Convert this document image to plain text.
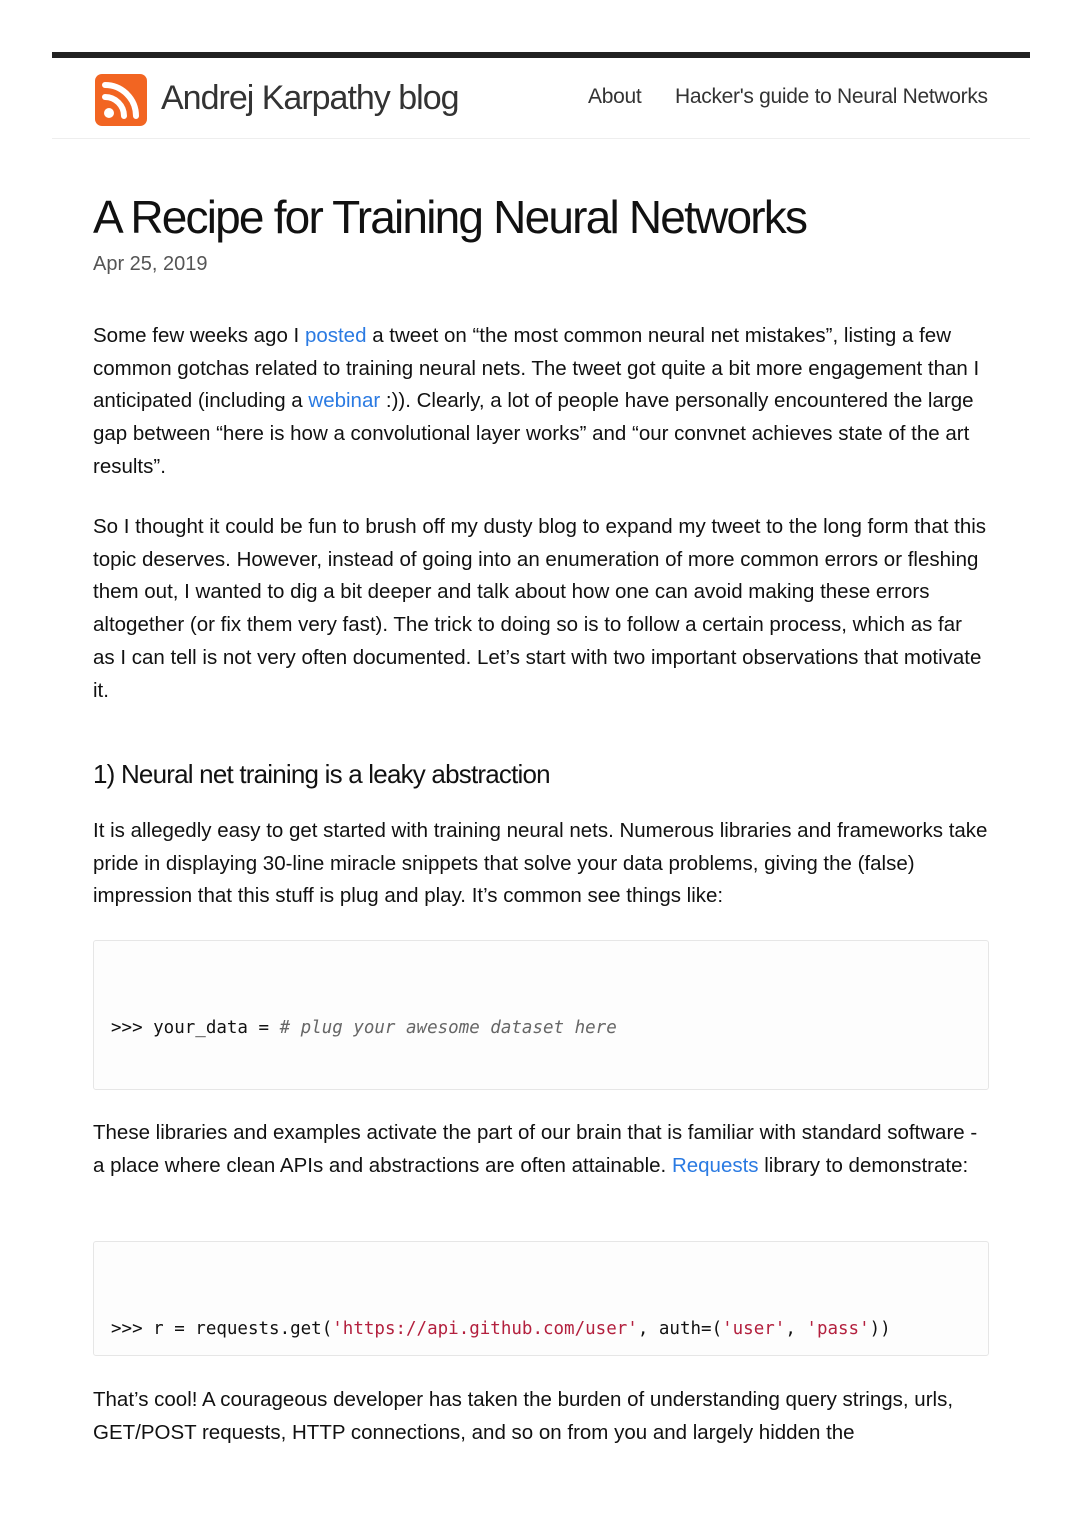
Andrej Karpathy blog	About Hacker's guide to Neural Networks
A Recipe for Training Neural Networks
Apr 25, 2019

Some few weeks ago I posted a tweet on “the most common neural net mistakes”, listing a few common gotchas related to training neural nets. The tweet got quite a bit more engagement than I anticipated (including a webinar :)). Clearly, a lot of people have personally encountered the large gap between “here is how a convolutional layer works” and “our convnet achieves state of the art results”.

So I thought it could be fun to brush off my dusty blog to expand my tweet to the long form that this topic deserves. However, instead of going into an enumeration of more common errors or fleshing them out, I wanted to dig a bit deeper and talk about how one can avoid making these errors altogether (or fix them very fast). The trick to doing so is to follow a certain process, which as far as I can tell is not very often documented. Let’s start with two important observations that motivate it.

1) Neural net training is a leaky abstraction

It is allegedly easy to get started with training neural nets. Numerous libraries and frameworks take pride in displaying 30-line miracle snippets that solve your data problems, giving the (false) impression that this stuff is plug and play. It’s common see things like:

>>> your_data = # plug your awesome dataset here

These libraries and examples activate the part of our brain that is familiar with standard software - a place where clean APIs and abstractions are often attainable. Requests library to demonstrate:

>>> r = requests.get('https://api.github.com/user', auth=('user', 'pass'))

That’s cool! A courageous developer has taken the burden of understanding query strings, urls, GET/POST requests, HTTP connections, and so on from you and largely hidden the
